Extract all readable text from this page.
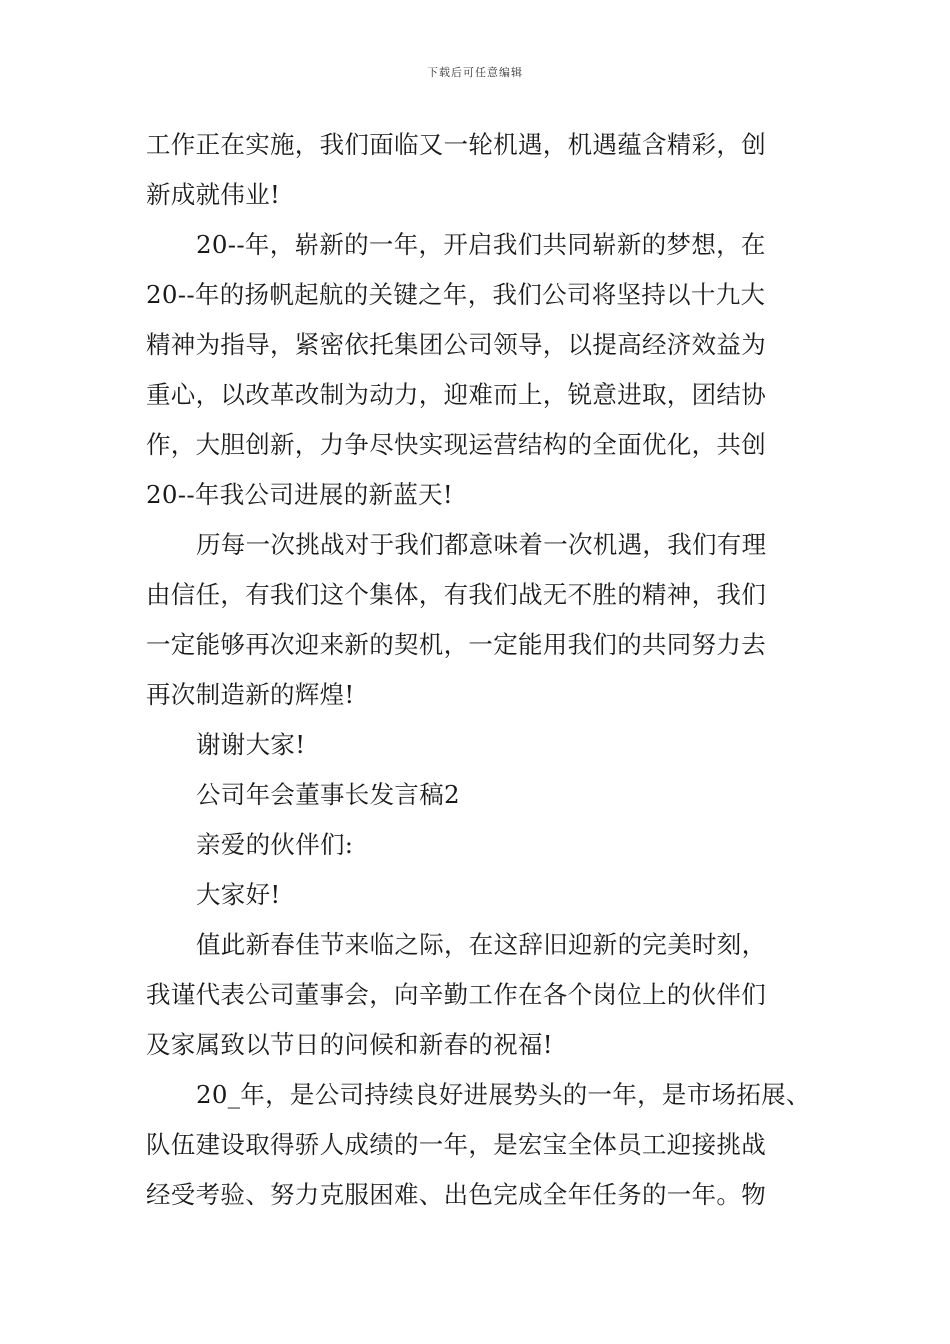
下载后可任意编辑
工作正在实施，我们面临又一轮机遇，机遇蕴含精彩，创
新成就伟业!
20--年，崭新的一年，开启我们共同崭新的梦想，在
20--年的扬帆起航的关键之年，我们公司将坚持以十九大
精神为指导，紧密依托集团公司领导，以提高经济效益为
重心，以改革改制为动力，迎难而上，锐意进取，团结协
作，大胆创新，力争尽快实现运营结构的全面优化，共创
20--年我公司进展的新蓝天!
历每一次挑战对于我们都意味着一次机遇，我们有理
由信任，有我们这个集体，有我们战无不胜的精神，我们
一定能够再次迎来新的契机，一定能用我们的共同努力去
再次制造新的辉煌!
谢谢大家!
公司年会董事长发言稿2
亲爱的伙伴们:
大家好!
值此新春佳节来临之际，在这辞旧迎新的完美时刻，
我谨代表公司董事会，向辛勤工作在各个岗位上的伙伴们
及家属致以节日的问候和新春的祝福!
20_年，是公司持续良好进展势头的一年，是市场拓展、
队伍建设取得骄人成绩的一年，是宏宝全体员工迎接挑战
经受考验、努力克服困难、出色完成全年任务的一年。物
